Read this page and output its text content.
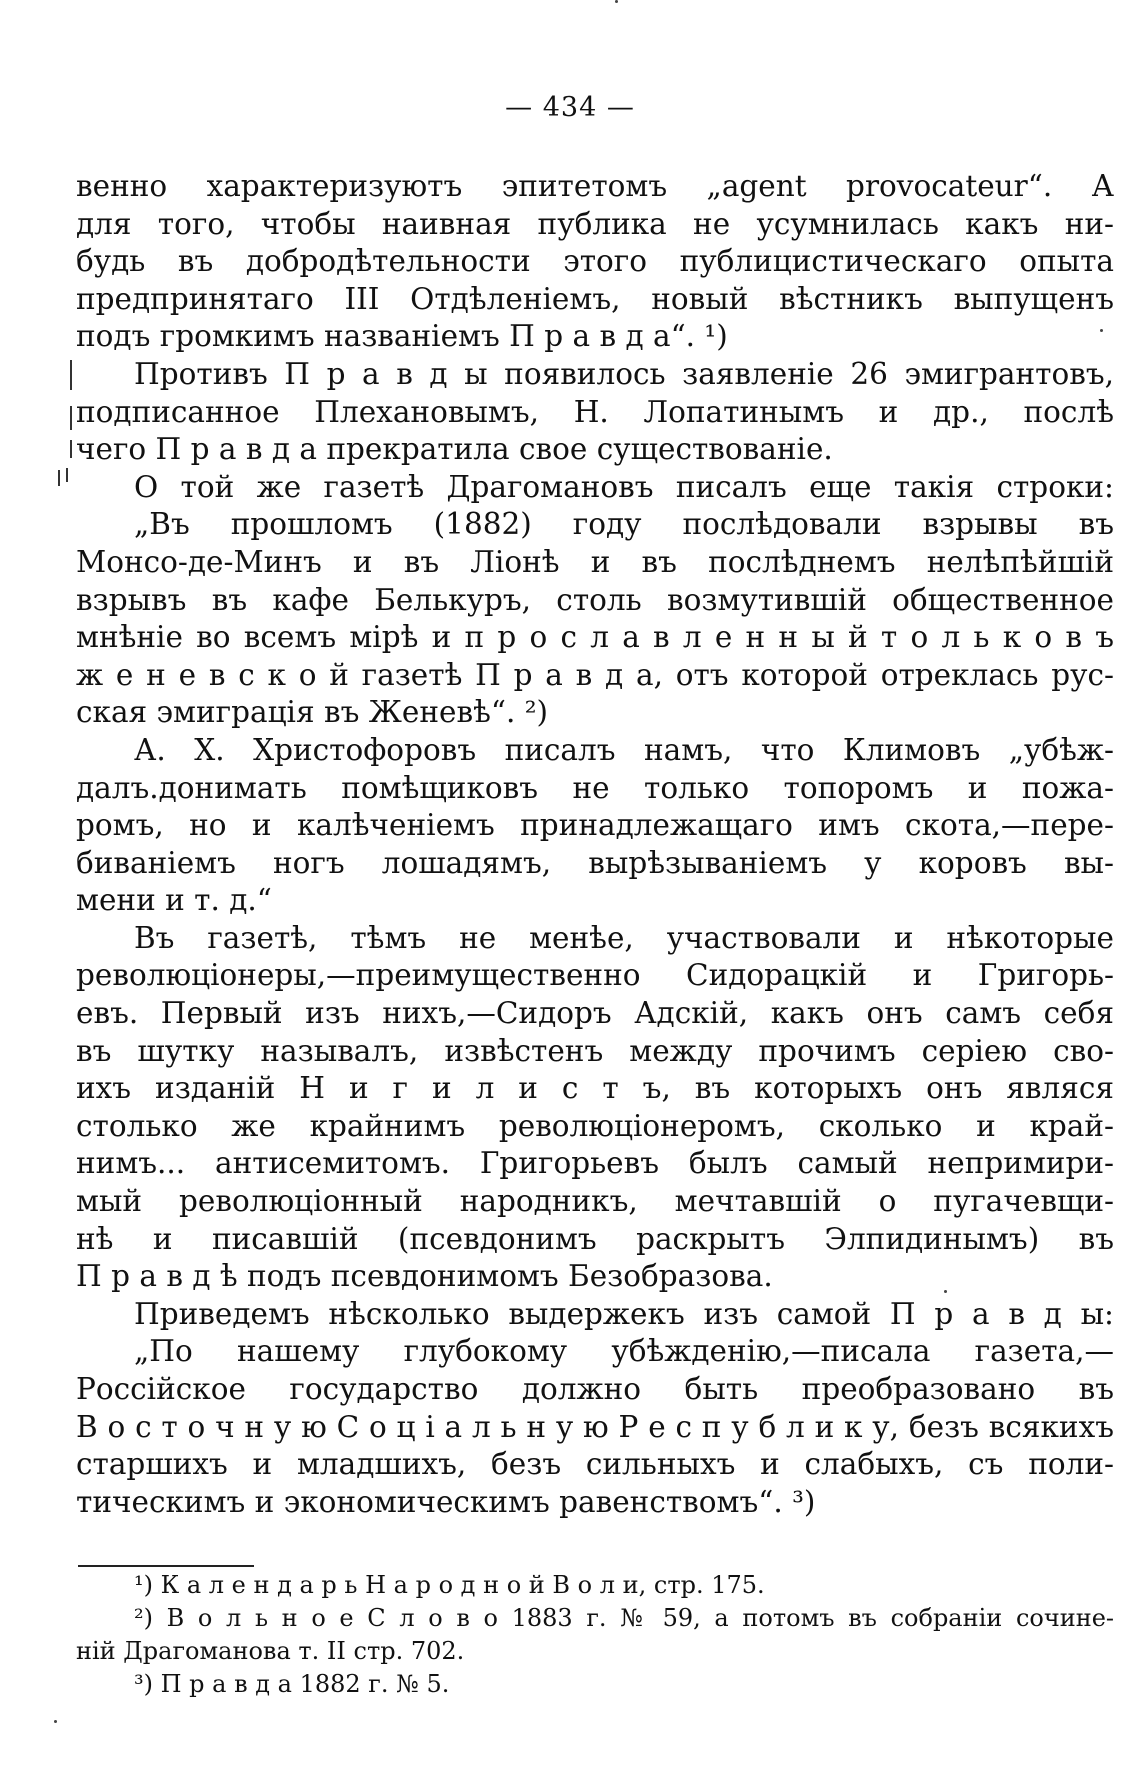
— 434 —
венно характеризуютъ эпитетомъ „agent provocateur“. А
для того, чтобы наивная публика не усумнилась какъ ни-
будь въ добродѣтельности этого публицистическаго опыта
предпринятаго III Отдѣленіемъ, новый вѣстникъ выпущенъ
подъ громкимъ названіемъ П р а в д а“. ¹)
Противъ П р а в д ы появилось заявленіе 26 эмигрантовъ,
подписанное Плехановымъ, Н. Лопатинымъ и др., послѣ
чего П р а в д а прекратила свое существованіе.
О той же газетѣ Драгомановъ писалъ еще такія строки:
„Въ прошломъ (1882) году послѣдовали взрывы въ
Монсо-де-Минъ и въ Ліонѣ и въ послѣднемъ нелѣпѣйшій
взрывъ въ кафе Белькуръ, столь возмутившій общественное
мнѣніе во всемъ мірѣ и п р о с л а в л е н н ы й т о л ь к о в ъ
ж е н е в с к о й газетѣ П р а в д а, отъ которой отреклась рус-
ская эмиграція въ Женевѣ“. ²)
А. Х. Христофоровъ писалъ намъ, что Климовъ „убѣж-
далъ.донимать помѣщиковъ не только топоромъ и пожа-
ромъ, но и калѣченіемъ принадлежащаго имъ скота,—пере-
биваніемъ ногъ лошадямъ, вырѣзываніемъ у коровъ вы-
мени и т. д.“
Въ газетѣ, тѣмъ не менѣе, участвовали и нѣкоторые
революціонеры,—преимущественно Сидорацкій и Григорь-
евъ. Первый изъ нихъ,—Сидоръ Адскій, какъ онъ самъ себя
въ шутку называлъ, извѣстенъ между прочимъ серіею сво-
ихъ изданій Н и г и л и с т ъ, въ которыхъ онъ являся
столько же крайнимъ революціонеромъ, сколько и край-
нимъ... антисемитомъ. Григорьевъ былъ самый непримири-
мый революціонный народникъ, мечтавшій о пугачевщи-
нѣ и писавшій (псевдонимъ раскрытъ Элпидинымъ) въ
П р а в д ѣ подъ псевдонимомъ Безобразова.
Приведемъ нѣсколько выдержекъ изъ самой П р а в д ы:
„По нашему глубокому убѣжденію,—писала газета,—
Россійское государство должно быть преобразовано въ
В о с т о ч н у ю С о ц і а л ь н у ю Р е с п у б л и к у, безъ всякихъ
старшихъ и младшихъ, безъ сильныхъ и слабыхъ, съ поли-
тическимъ и экономическимъ равенствомъ“. ³)
¹) К а л е н д а р ь Н а р о д н о й В о л и, стр. 175.
²) В о л ь н о е С л о в о 1883 г. № 59, а потомъ въ собраніи сочине-
ній Драгоманова т. II стр. 702.
³) П р а в д а 1882 г. № 5.
